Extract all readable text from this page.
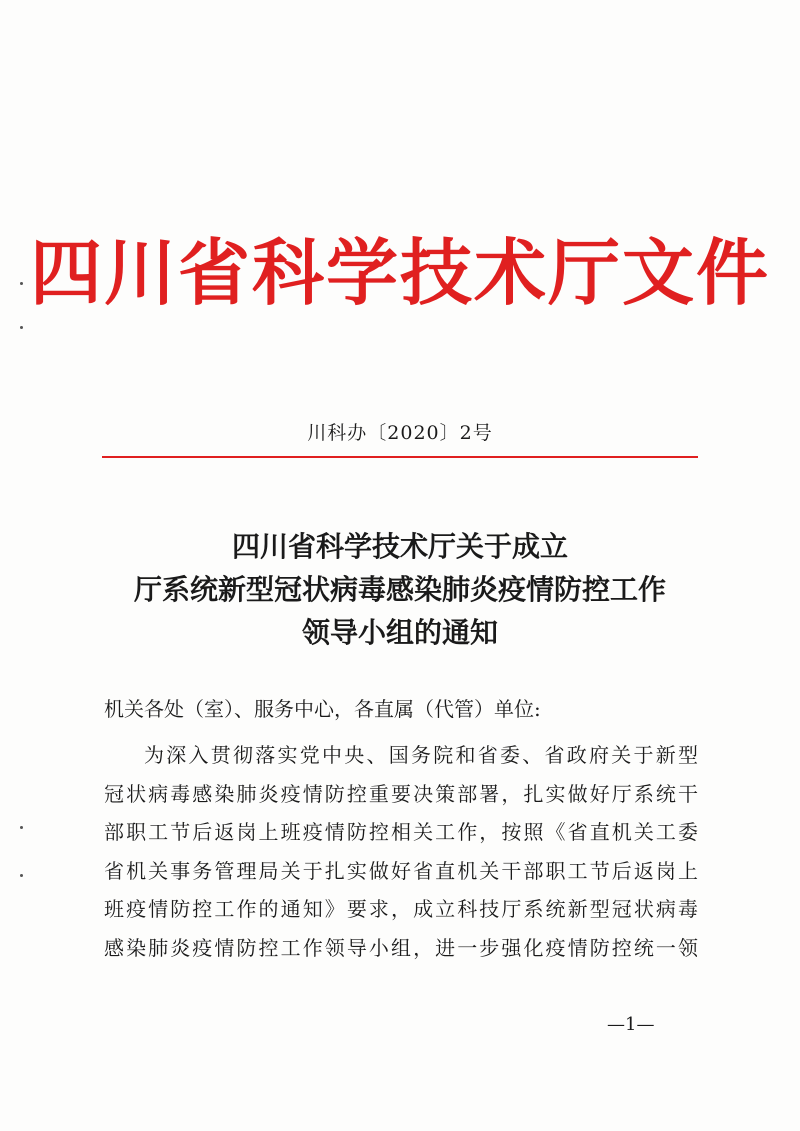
四川省科学技术厅文件
川科办〔2020〕2号
四川省科学技术厅关于成立
厅系统新型冠状病毒感染肺炎疫情防控工作
领导小组的通知
机关各处（室）、服务中心，各直属（代管）单位:
为深入贯彻落实党中央、国务院和省委、省政府关于新型
冠状病毒感染肺炎疫情防控重要决策部署，扎实做好厅系统干
部职工节后返岗上班疫情防控相关工作，按照《省直机关工委
省机关事务管理局关于扎实做好省直机关干部职工节后返岗上
班疫情防控工作的通知》要求，成立科技厅系统新型冠状病毒
感染肺炎疫情防控工作领导小组，进一步强化疫情防控统一领
—1—
